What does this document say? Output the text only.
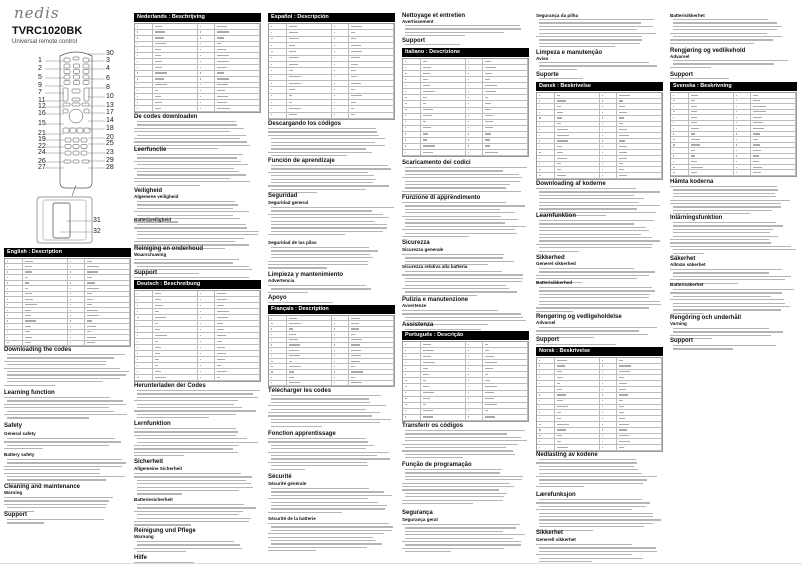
nedis
TVRC1020BK
Universal remote control
1
2
5
9
7
11
12
16
15
21
19
22
24
26
27
30
3
4
6
8
10
13
17
14
18
20
25
23
29
28
31
32
English : Description
Downloading the codes
Learning function
Safety
General safety
Battery safety
Cleaning and maintenance
Warning
Support
Nederlands : Beschrijving
De codes downloaden
Leerfunctie
Veiligheid
Algemene veiligheid
Batterijveiligheid
Reiniging en onderhoud
Waarschuwing
Support
Deutsch : Beschreibung
Herunterladen der Codes
Lernfunktion
Sicherheit
Allgemeine Sicherheit
Batteriesicherheit
Reinigung und Pflege
Warnung
Hilfe
Español : Descripción
Descargando los códigos
Función de aprendizaje
Seguridad
Seguridad general
Seguridad de las pilas
Limpieza y mantenimiento
Advertencia
Apoyo
Français : Description
Télécharger les codes
Fonction apprentissage
Sécurité
Sécurité générale
Sécurité de la batterie
Nettoyage et entretien
Avertissement
Support
Italiano : Descrizione
Scaricamento dei codici
Funzione di apprendimento
Sicurezza
Sicurezza generale
Sicurezza relativa alla batteria
Pulizia e manutenzione
Avvertenze
Assistenza
Português : Descrição
Transferir os códigos
Função de programação
Segurança
Segurança geral
Segurança da pilha
Limpeza e manutenção
Aviso
Suporte
Dansk : Beskrivelse
Downloading af koderne
Learnfunktion
Sikkerhed
Generel sikkerhed
Batterisikkerhed
Rengøring og vedligeholdelse
Advarsel
Support
Norsk : Beskrivelse
Nedlasting av kodene
Lærefunksjon
Sikkerhet
Generell sikkerhet
Batterisikkerhet
Rengjøring og vedlikehold
Advarsel
Support
Svenska : Beskrivning
Hämta koderna
Inlärningsfunktion
Säkerhet
Allmän säkerhet
Batterisäkerhet
Rengöring och underhåll
Varning
Support
